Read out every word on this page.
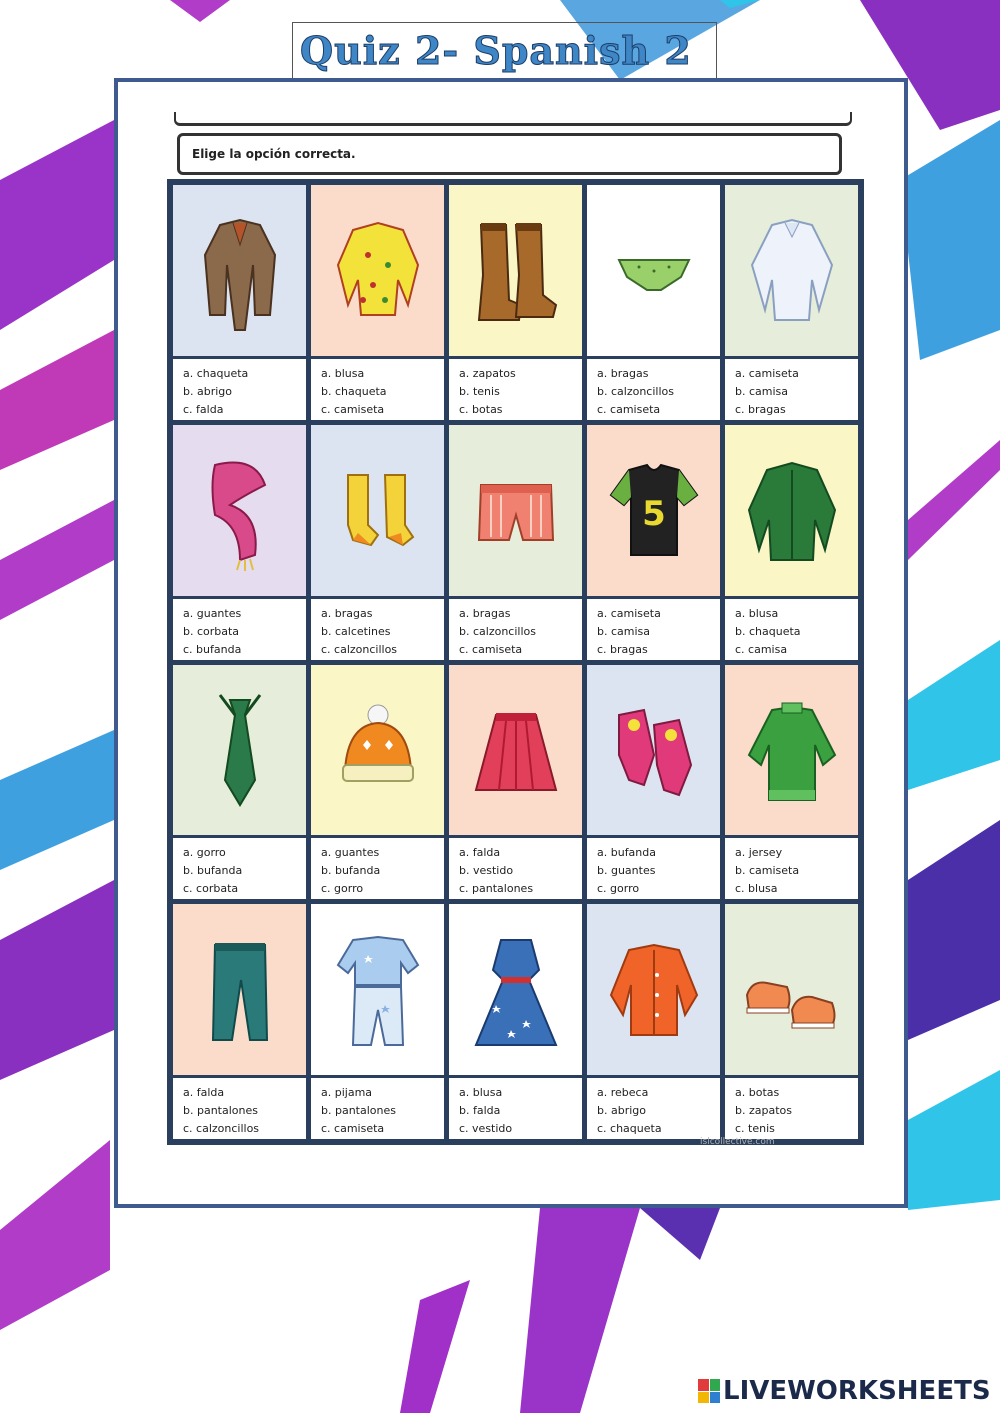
Quiz 2- Spanish 2
Elige la opción correcta.
a. chaqueta
b. abrigo
c. falda
a. blusa
b. chaqueta
c. camiseta
a. zapatos
b. tenis
c. botas
a. bragas
b. calzoncillos
c. camiseta
a. camiseta
b. camisa
c. bragas
a. guantes
b. corbata
c. bufanda
a. bragas
b. calcetines
c. calzoncillos
a. bragas
b. calzoncillos
c. camiseta
5
a. camiseta
b. camisa
c. bragas
a. blusa
b. chaqueta
c. camisa
a. gorro
b. bufanda
c. corbata
a. guantes
b. bufanda
c. gorro
a. falda
b. vestido
c. pantalones
a. bufanda
b. guantes
c. gorro
a. jersey
b. camiseta
c. blusa
a. falda
b. pantalones
c. calzoncillos
a. pijama
b. pantalones
c. camiseta
a. blusa
b. falda
c. vestido
a. rebeca
b. abrigo
c. chaqueta
a. botas
b. zapatos
c. tenis
islcollective.com
LIVEWORKSHEETS
